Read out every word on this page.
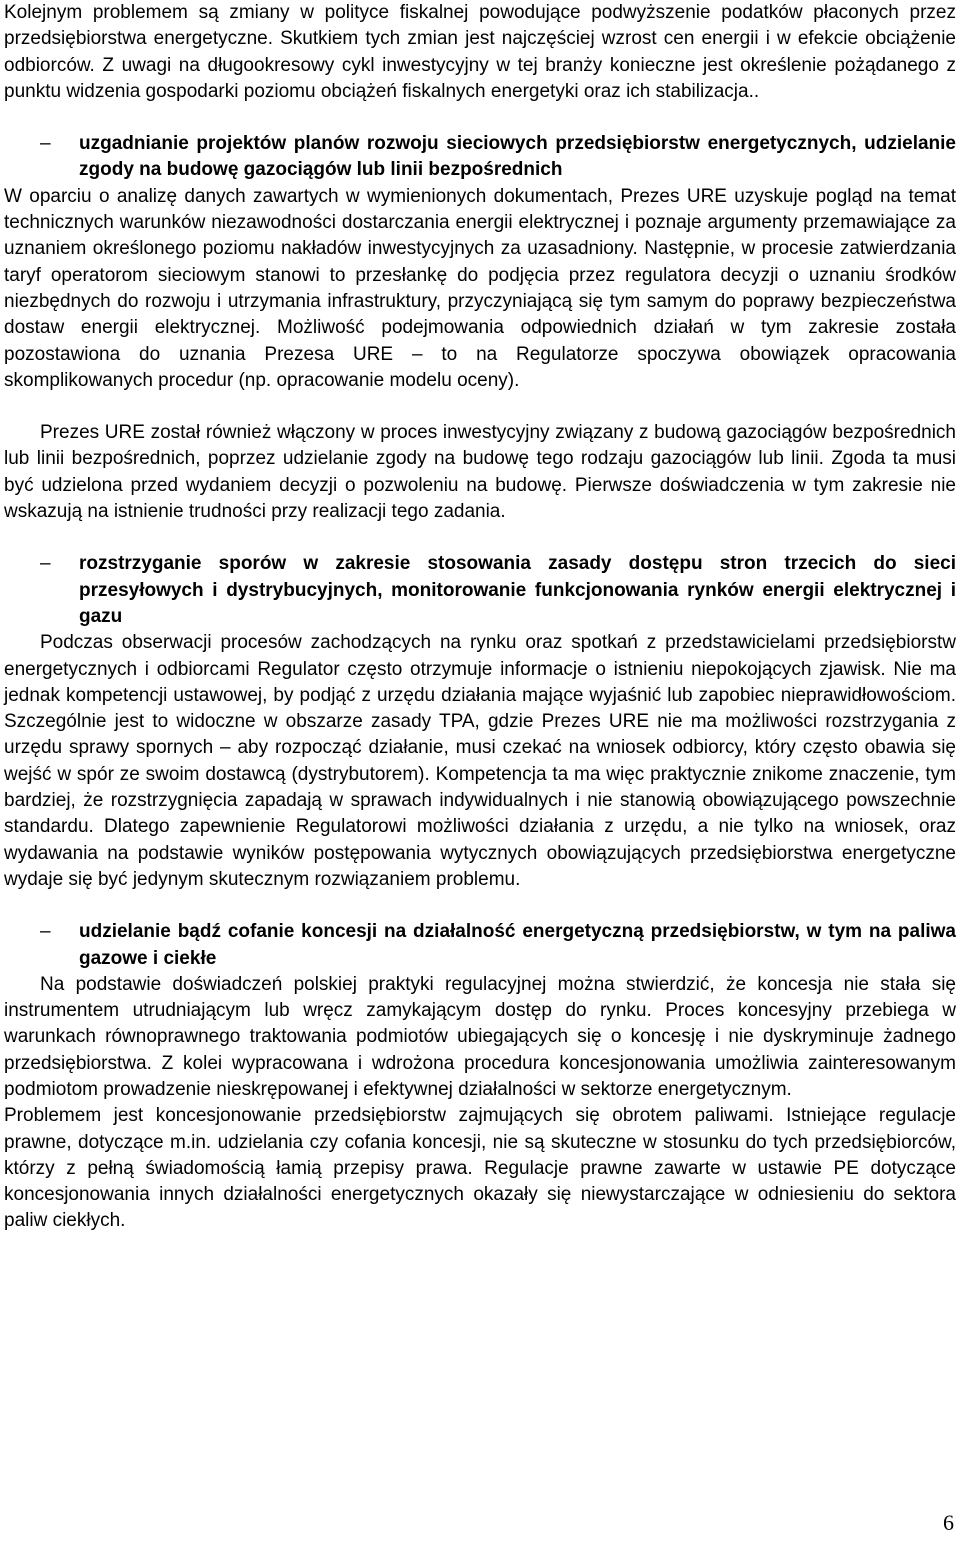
Kolejnym problemem są zmiany w polityce fiskalnej powodujące podwyższenie podatków płaconych przez przedsiębiorstwa energetyczne. Skutkiem tych zmian jest najczęściej wzrost cen energii i w efekcie obciążenie odbiorców. Z uwagi na długookresowy cykl inwestycyjny w tej branży konieczne jest określenie pożądanego z punktu widzenia gospodarki poziomu obciążeń fiskalnych energetyki oraz ich stabilizacja..

– uzgadnianie projektów planów rozwoju sieciowych przedsiębiorstw energetycznych, udzielanie zgody na budowę gazociągów lub linii bezpośrednich

W oparciu o analizę danych zawartych w wymienionych dokumentach, Prezes URE uzyskuje pogląd na temat technicznych warunków niezawodności dostarczania energii elektrycznej i poznaje argumenty przemawiające za uznaniem określonego poziomu nakładów inwestycyjnych za uzasadniony. Następnie, w procesie zatwierdzania taryf operatorom sieciowym stanowi to przesłankę do podjęcia przez regulatora decyzji o uznaniu środków niezbędnych do rozwoju i utrzymania infrastruktury, przyczyniającą się tym samym do poprawy bezpieczeństwa dostaw energii elektrycznej. Możliwość podejmowania odpowiednich działań w tym zakresie została pozostawiona do uznania Prezesa URE – to na Regulatorze spoczywa obowiązek opracowania skomplikowanych procedur (np. opracowanie modelu oceny).

Prezes URE został również włączony w proces inwestycyjny związany z budową gazociągów bezpośrednich lub linii bezpośrednich, poprzez udzielanie zgody na budowę tego rodzaju gazociągów lub linii. Zgoda ta musi być udzielona przed wydaniem decyzji o pozwoleniu na budowę. Pierwsze doświadczenia w tym zakresie nie wskazują na istnienie trudności przy realizacji tego zadania.

– rozstrzyganie sporów w zakresie stosowania zasady dostępu stron trzecich do sieci przesyłowych i dystrybucyjnych, monitorowanie funkcjonowania rynków energii elektrycznej i gazu

Podczas obserwacji procesów zachodzących na rynku oraz spotkań z przedstawicielami przedsiębiorstw energetycznych i odbiorcami Regulator często otrzymuje informacje o istnieniu niepokojących zjawisk. Nie ma jednak kompetencji ustawowej, by podjąć z urzędu działania mające wyjaśnić lub zapobiec nieprawidłowościom. Szczególnie jest to widoczne w obszarze zasady TPA, gdzie Prezes URE nie ma możliwości rozstrzygania z urzędu sprawy spornych – aby rozpocząć działanie, musi czekać na wniosek odbiorcy, który często obawia się wejść w spór ze swoim dostawcą (dystrybutorem). Kompetencja ta ma więc praktycznie znikome znaczenie, tym bardziej, że rozstrzygnięcia zapadają w sprawach indywidualnych i nie stanowią obowiązującego powszechnie standardu. Dlatego zapewnienie Regulatorowi możliwości działania z urzędu, a nie tylko na wniosek, oraz wydawania na podstawie wyników postępowania wytycznych obowiązujących przedsiębiorstwa energetyczne wydaje się być jedynym skutecznym rozwiązaniem problemu.

– udzielanie bądź cofanie koncesji na działalność energetyczną przedsiębiorstw, w tym na paliwa gazowe i ciekłe

Na podstawie doświadczeń polskiej praktyki regulacyjnej można stwierdzić, że koncesja nie stała się instrumentem utrudniającym lub wręcz zamykającym dostęp do rynku. Proces koncesyjny przebiega w warunkach równoprawnego traktowania podmiotów ubiegających się o koncesję i nie dyskryminuje żadnego przedsiębiorstwa. Z kolei wypracowana i wdrożona procedura koncesjonowania umożliwia zainteresowanym podmiotom prowadzenie nieskrępowanej i efektywnej działalności w sektorze energetycznym.

Problemem jest koncesjonowanie przedsiębiorstw zajmujących się obrotem paliwami. Istniejące regulacje prawne, dotyczące m.in. udzielania czy cofania koncesji, nie są skuteczne w stosunku do tych przedsiębiorców, którzy z pełną świadomością łamią przepisy prawa. Regulacje prawne zawarte w ustawie PE dotyczące koncesjonowania innych działalności energetycznych okazały się niewystarczające w odniesieniu do sektora paliw ciekłych.

6
